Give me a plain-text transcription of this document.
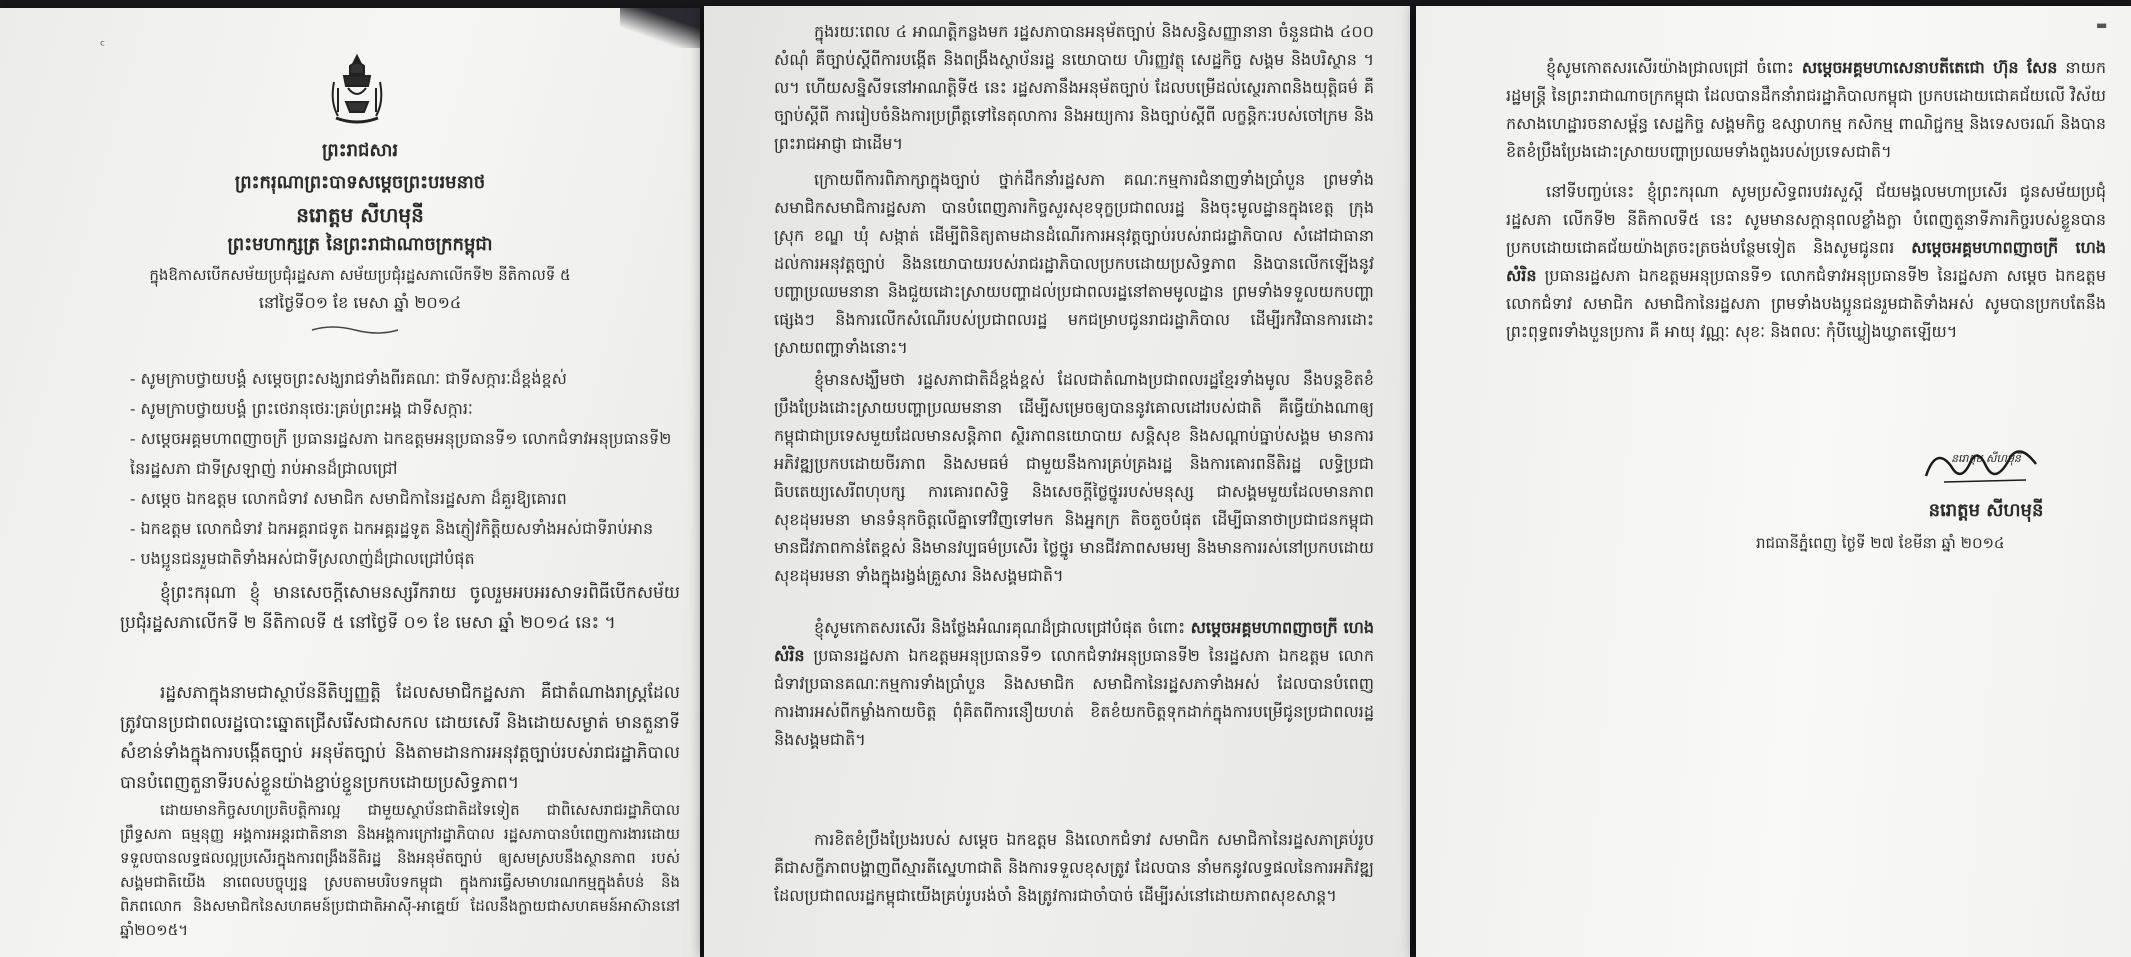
ᶜ

ព្រះរាជសារ

ព្រះករុណាព្រះបាទសម្តេចព្រះបរមនាថ

នរោត្តម សីហមុនី

ព្រះមហាក្សត្រ នៃព្រះរាជាណាចក្រកម្ពុជា

ក្នុងឱកាសបើកសម័យប្រជុំរដ្ឋសភា សម័យប្រជុំរដ្ឋសភាលើកទី២ នីតិកាលទី ៥

នៅថ្ងៃទី០១ ខែ មេសា ឆ្នាំ ២០១៤

- សូមក្រាបថ្វាយបង្គំ សម្តេចព្រះសង្ឃរាជទាំងពីរគណៈ ជាទីសក្ការៈដ៏ខ្ពង់ខ្ពស់
- សូមក្រាបថ្វាយបង្គំ ព្រះថេរានុថេរៈគ្រប់ព្រះអង្គ ជាទីសក្ការៈ
- សម្តេចអគ្គមហាពញាចក្រី ប្រធានរដ្ឋសភា ឯកឧត្តមអនុប្រធានទី១ លោកជំទាវអនុប្រធានទី២
នៃរដ្ឋសភា ជាទីស្រឡាញ់ រាប់អានដ៏ជ្រាលជ្រៅ
- សម្តេច ឯកឧត្តម លោកជំទាវ សមាជិក សមាជិកានៃរដ្ឋសភា ដ៏គួរឱ្យគោរព
- ឯកឧត្តម លោកជំទាវ ឯកអគ្គរាជទូត ឯកអគ្គរដ្ឋទូត និងភ្ញៀវកិត្តិយសទាំងអស់ជាទីរាប់អាន
- បងប្អូនជនរួមជាតិទាំងអស់ជាទីស្រលាញ់ដ៏ជ្រាលជ្រៅបំផុត

ខ្ញុំព្រះករុណា ខ្ញុំ មានសេចក្តីសោមនស្សរីករាយ ចូលរួមអបអរសាទរពិធីបើកសម័យប្រជុំរដ្ឋសភាលើកទី ២ នីតិកាលទី ៥ នៅថ្ងៃទី ០១ ខែ មេសា ឆ្នាំ ២០១៤ នេះ ។

រដ្ឋសភាក្នុងនាមជាស្ថាប័ននីតិប្បញ្ញត្តិ ដែលសមាជិកដ្ឋសភា គឺជាតំណាងរាស្ត្រដែលត្រូវបានប្រជាពលរដ្ឋបោះឆ្នោតជ្រើសរើសជាសកល ដោយសេរី និងដោយសម្ងាត់ មានតួនាទីសំខាន់ទាំងក្នុងការបង្កើតច្បាប់ អនុម័តច្បាប់ និងតាមដានការអនុវត្តច្បាប់របស់រាជរដ្ឋាភិបាល បានបំពេញតួនាទីរបស់ខ្លួនយ៉ាងខ្ជាប់ខ្ជួនប្រកបដោយប្រសិទ្ធភាព។

ដោយមានកិច្ចសហប្រតិបត្តិការល្អ ជាមួយស្ថាប័នជាតិដទៃទៀត ជាពិសេសរាជរដ្ឋាភិបាល ព្រឹទ្ធសភា ធម្មនុញ្ញ អង្គការអន្តរជាតិនានា និងអង្គការក្រៅរដ្ឋាភិបាល រដ្ឋសភាបានបំពេញការងារដោយទទួលបានលទ្ធផលល្អប្រសើរក្នុងការពង្រឹងនីតិរដ្ឋ និងអនុម័តច្បាប់ ឲ្យសមស្របនឹងស្ថានភាព របស់សង្គមជាតិយើង នាពេលបច្ចុប្បន្ន ស្របតាមបរិបទកម្ពុជា ក្នុងការធ្វើសមាហរណកម្មក្នុងតំបន់ និងពិភពលោក និងសមាជិកនៃសហគមន៍ប្រជាជាតិអាស៊ី-អាគ្នេយ៍ ដែលនឹងក្លាយជាសហគមន៍អាស៊ាននៅឆ្នាំ២០១៥។

ក្នុងរយៈពេល ៤ អាណត្តិកន្លងមក រដ្ឋសភាបានអនុម័តច្បាប់ និងសន្ធិសញ្ញានានា ចំនួនជាង ៤០០ សំណុំ គឺច្បាប់ស្តីពីការបង្កើត និងពង្រឹងស្ថាប័នរដ្ឋ នយោបាយ ហិរញ្ញវត្ថុ សេដ្ឋកិច្ច សង្គម និងបរិស្ថាន ។ល។ ហើយសន្និសីទនៅអាណត្តិទី៥ នេះ រដ្ឋសភានឹងអនុម័តច្បាប់ ដែលបម្រើដល់ស្ថេរភាពនិងយុត្តិធម៌ គឺច្បាប់ស្តីពី ការរៀបចំនិងការប្រព្រឹត្តទៅនៃតុលាការ និងអយ្យការ និងច្បាប់ស្តីពី លក្ខន្តិកៈរបស់ចៅក្រម និងព្រះរាជអាជ្ញា ជាដើម។

ក្រោយពីការពិភាក្សាក្នុងច្បាប់ ថ្នាក់ដឹកនាំរដ្ឋសភា គណៈកម្មការជំនាញទាំងប្រាំបួន ព្រមទាំងសមាជិកសមាជិការដ្ឋសភា បានបំពេញភារកិច្ចសួរសុខទុក្ខប្រជាពលរដ្ឋ និងចុះមូលដ្ឋានក្នុងខេត្ត ក្រុង ស្រុក ខណ្ឌ ឃុំ សង្កាត់ ដើម្បីពិនិត្យតាមដានដំណើរការអនុវត្តច្បាប់របស់រាជរដ្ឋាភិបាល សំដៅជាធានាដល់ការអនុវត្តច្បាប់ និងនយោបាយរបស់រាជរដ្ឋាភិបាលប្រកបដោយប្រសិទ្ធភាព និងបានលើកឡើងនូវបញ្ហាប្រឈមនានា និងជួយដោះស្រាយបញ្ហាដល់ប្រជាពលរដ្ឋនៅតាមមូលដ្ឋាន ព្រមទាំងទទួលយកបញ្ហាផ្សេងៗ និងការលើកសំណើរបស់ប្រជាពលរដ្ឋ មកជម្រាបជូនរាជរដ្ឋាភិបាល ដើម្បីរកវិធានការដោះស្រាយពញ្ហាទាំងនោះ។

ខ្ញុំមានសង្ឃឹមថា រដ្ឋសភាជាតិដ៏ខ្ពង់ខ្ពស់ ដែលជាតំណាងប្រជាពលរដ្ឋខ្មែរទាំងមូល នឹងបន្តខិតខំប្រឹងប្រែងដោះស្រាយបញ្ហាប្រឈមនានា ដើម្បីសម្រេចឲ្យបាននូវគោលដៅរបស់ជាតិ គឺធ្វើយ៉ាងណាឲ្យកម្ពុជាជាប្រទេសមួយដែលមានសន្តិភាព ស្ថិរភាពនយោបាយ សន្តិសុខ និងសណ្តាប់ធ្នាប់សង្គម មានការអភិវឌ្ឍប្រកបដោយចីរភាព និងសមធម៌ ជាមួយនឹងការគ្រប់គ្រងរដ្ឋ និងការគោរពនីតិរដ្ឋ លទ្ធិប្រជាធិបតេយ្យសេរីពហុបក្ស ការគោរពសិទ្ធិ និងសេចក្តីថ្លៃថ្នូររបស់មនុស្ស ជាសង្គមមួយដែលមានភាពសុខដុមរមនា មានទំនុកចិត្តលើគ្នាទៅវិញទៅមក និងអ្នកក្រ តិចតួចបំផុត ដើម្បីធានាថាប្រជាជនកម្ពុជា មានជីវភាពកាន់តែខ្ពស់ និងមានវប្បធម៌ប្រសើរ ថ្លៃថ្នូរ មានជីវភាពសមរម្យ និងមានការរស់នៅប្រកបដោយសុខដុមរមនា ទាំងក្នុងរង្វង់គ្រួសារ និងសង្គមជាតិ។

ខ្ញុំសូមកោតសរសើរ និងថ្លែងអំណរគុណដ៏ជ្រាលជ្រៅបំផុត ចំពោះ សម្តេចអគ្គមហាពញាចក្រី ហេង សំរិន ប្រធានរដ្ឋសភា ឯកឧត្តមអនុប្រធានទី១ លោកជំទាវអនុប្រធានទី២ នៃរដ្ឋសភា ឯកឧត្តម លោកជំទាវប្រធានគណៈកម្មការទាំងប្រាំបួន និងសមាជិក សមាជិកានៃរដ្ឋសភាទាំងអស់ ដែលបានបំពេញការងារអស់ពីកម្លាំងកាយចិត្ត ពុំគិតពីការនឿយហត់ ខិតខំយកចិត្តទុកដាក់ក្នុងការបម្រើជូនប្រជាពលរដ្ឋ និងសង្គមជាតិ។

ការខិតខំប្រឹងប្រែងរបស់ សម្តេច ឯកឧត្តម និងលោកជំទាវ សមាជិក សមាជិកានៃរដ្ឋសភាគ្រប់រូបគឺជាសក្ខីភាពបង្ហាញពីស្មារតីស្នេហាជាតិ និងការទទួលខុសត្រូវ ដែលបាន នាំមកនូវលទ្ធផលនៃការអភិវឌ្ឍ ដែលប្រជាពលរដ្ឋកម្ពុជាយើងគ្រប់រូបរង់ចាំ និងត្រូវការជាចាំបាច់ ដើម្បីរស់នៅដោយភាពសុខសាន្ត។

▬

ខ្ញុំសូមកោតសរសើរយ៉ាងជ្រាលជ្រៅ ចំពោះ សម្តេចអគ្គមហាសេនាបតីតេជោ ហ៊ុន សែន នាយករដ្ឋមន្ត្រី នៃព្រះរាជាណាចក្រកម្ពុជា ដែលបានដឹកនាំរាជរដ្ឋាភិបាលកម្ពុជា ប្រកបដោយជោគជ័យលើ វិស័យកសាងហេដ្ឋារចនាសម្ព័ន្ធ សេដ្ឋកិច្ច សង្គមកិច្ច ឧស្សាហកម្ម កសិកម្ម ពាណិជ្ជកម្ម និងទេសចរណ៍ និងបានខិតខំប្រឹងប្រែងដោះស្រាយបញ្ហាប្រឈមទាំងពួងរបស់ប្រទេសជាតិ។

នៅទីបញ្ចប់នេះ ខ្ញុំព្រះករុណា សូមប្រសិទ្ធពរបវរសួស្តី ជ័យមង្គលមហាប្រសើរ ជូនសម័យប្រជុំរដ្ឋសភា លើកទី២ នីតិកាលទី៥ នេះ សូមមានសក្តានុពលខ្លាំងក្លា បំពេញតួនាទីភារកិច្ចរបស់ខ្លួនបានប្រកបដោយជោគជ័យយ៉ាងត្រចះត្រចង់បន្ថែមទៀត និងសូមជូនពរ សម្តេចអគ្គមហាពញាចក្រី ហេង សំរិន ប្រធានរដ្ឋសភា ឯកឧត្តមអនុប្រធានទី១ លោកជំទាវអនុប្រធានទី២ នៃរដ្ឋសភា សម្តេច ឯកឧត្តម លោកជំទាវ សមាជិក សមាជិកានៃរដ្ឋសភា ព្រមទាំងបងប្អូនជនរួមជាតិទាំងអស់ សូមបានប្រកបតែនឹងព្រះពុទ្ធពរទាំងបួនប្រការ គឺ អាយុ វណ្ណៈ សុខៈ និងពលៈ កុំបីឃ្លៀងឃ្លាតឡើយ។

នរោត្តម សីហមុនី

នរោត្តម សីហមុនី

រាជធានីភ្នំពេញ ថ្ងៃទី ២៧ ខែមីនា ឆ្នាំ ២០១៤
